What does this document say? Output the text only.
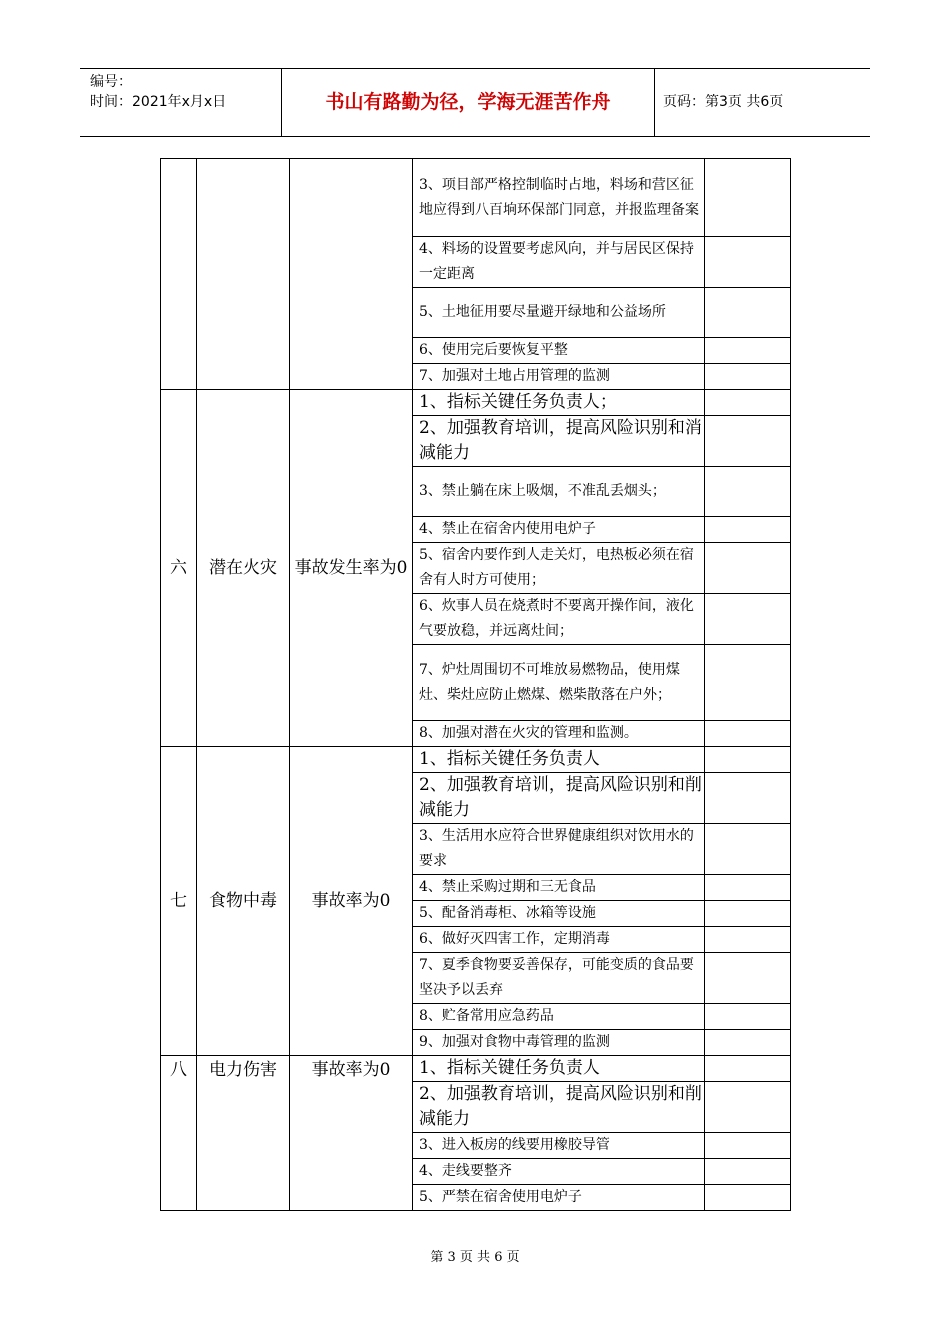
编号：
时间：2021年x月x日	书山有路勤为径，学海无涯苦作舟	页码：第3页 共6页
			3、项目部严格控制临时占地，料场和营区征地应得到八百垧环保部门同意，并报监理备案	
			4、料场的设置要考虑风向，并与居民区保持一定距离	
			5、土地征用要尽量避开绿地和公益场所	
			6、使用完后要恢复平整	
			7、加强对土地占用管理的监测	
六	潜在火灾	事故发生率为0	1、指标关键任务负责人；	
			2、加强教育培训，提高风险识别和消减能力	
			3、禁止躺在床上吸烟，不准乱丢烟头；	
			4、禁止在宿舍内使用电炉子	
			5、宿舍内要作到人走关灯，电热板必须在宿舍有人时方可使用；	
			6、炊事人员在烧煮时不要离开操作间，液化气要放稳，并远离灶间；	
			7、炉灶周围切不可堆放易燃物品，使用煤灶、柴灶应防止燃煤、燃柴散落在户外；	
			8、加强对潜在火灾的管理和监测。	
七	食物中毒	事故率为0	1、指标关键任务负责人	
			2、加强教育培训，提高风险识别和削减能力	
			3、生活用水应符合世界健康组织对饮用水的要求	
			4、禁止采购过期和三无食品	
			5、配备消毒柜、冰箱等设施	
			6、做好灭四害工作，定期消毒	
			7、夏季食物要妥善保存，可能变质的食品要坚决予以丢弃	
			8、贮备常用应急药品	
			9、加强对食物中毒管理的监测	
八	电力伤害	事故率为0	1、指标关键任务负责人	
			2、加强教育培训，提高风险识别和削减能力	
			3、进入板房的线要用橡胶导管	
			4、走线要整齐	
			5、严禁在宿舍使用电炉子	
第 3 页 共 6 页
